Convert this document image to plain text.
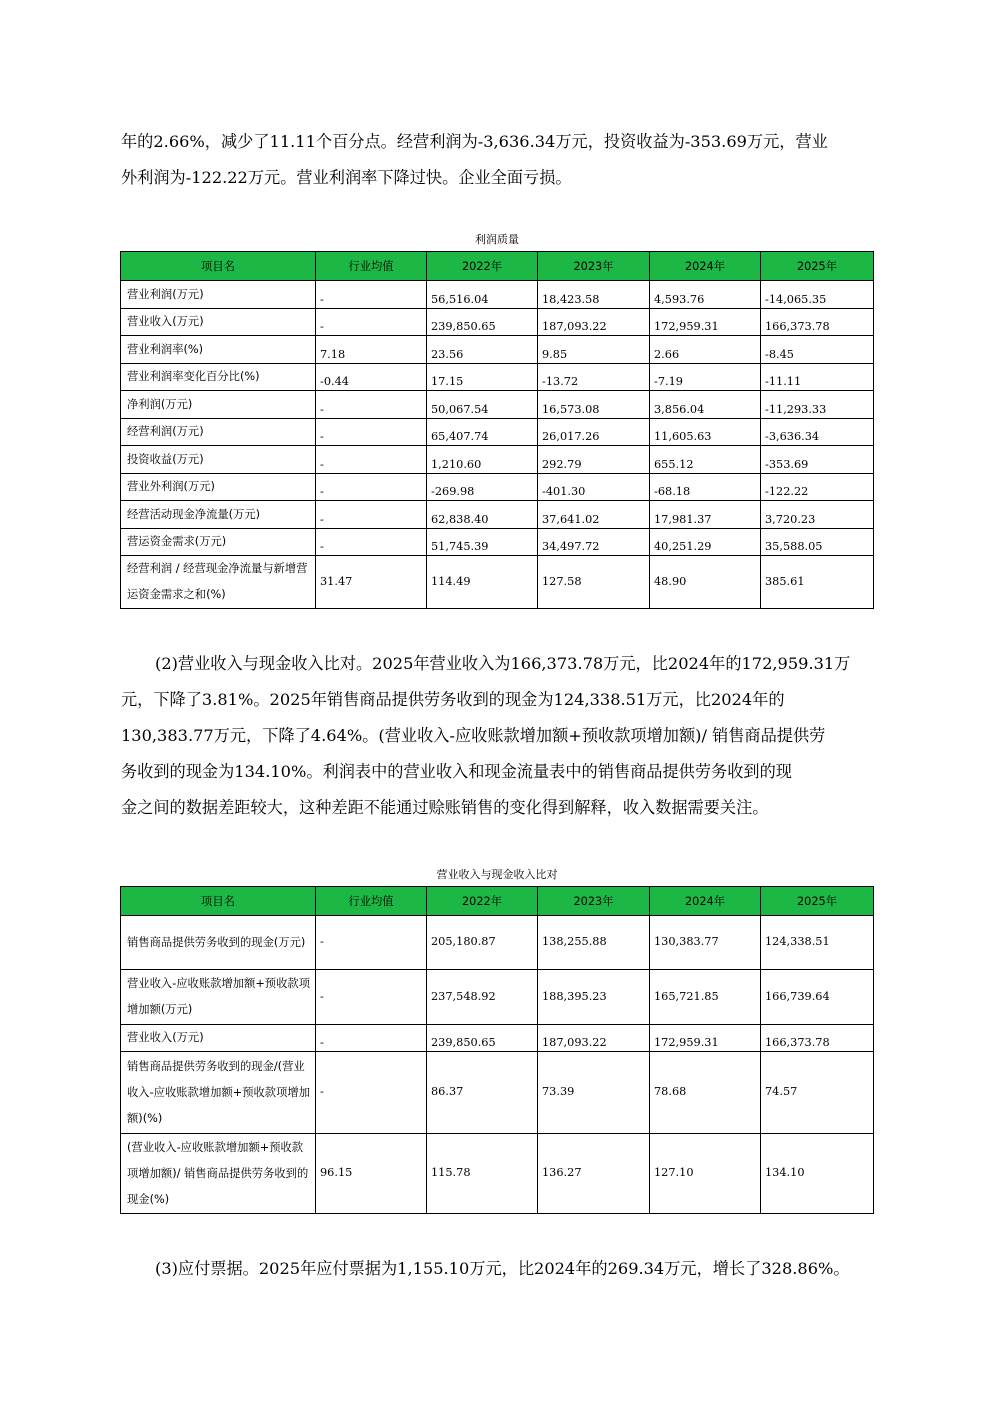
年的2.66%，减少了11.11个百分点。经营利润为-3,636.34万元，投资收益为-353.69万元，营业

外利润为-122.22万元。营业利润率下降过快。企业全面亏损。

利润质量
项目名	行业均值	2022年	2023年	2024年	2025年
营业利润(万元)	-	56,516.04	18,423.58	4,593.76	-14,065.35
营业收入(万元)	-	239,850.65	187,093.22	172,959.31	166,373.78
营业利润率(%)	7.18	23.56	9.85	2.66	-8.45
营业利润率变化百分比(%)	-0.44	17.15	-13.72	-7.19	-11.11
净利润(万元)	-	50,067.54	16,573.08	3,856.04	-11,293.33
经营利润(万元)	-	65,407.74	26,017.26	11,605.63	-3,636.34
投资收益(万元)	-	1,210.60	292.79	655.12	-353.69
营业外利润(万元)	-	-269.98	-401.30	-68.18	-122.22
经营活动现金净流量(万元)	-	62,838.40	37,641.02	17,981.37	3,720.23
营运资金需求(万元)	-	51,745.39	34,497.72	40,251.29	35,588.05
经营利润 / 经营现金净流量与新增营运资金需求之和(%)	31.47	114.49	127.58	48.90	385.61

(2)营业收入与现金收入比对。2025年营业收入为166,373.78万元，比2024年的172,959.31万

元，下降了3.81%。2025年销售商品提供劳务收到的现金为124,338.51万元，比2024年的

130,383.77万元，下降了4.64%。(营业收入-应收账款增加额+预收款项增加额)/ 销售商品提供劳

务收到的现金为134.10%。利润表中的营业收入和现金流量表中的销售商品提供劳务收到的现

金之间的数据差距较大，这种差距不能通过赊账销售的变化得到解释，收入数据需要关注。

营业收入与现金收入比对
项目名	行业均值	2022年	2023年	2024年	2025年
销售商品提供劳务收到的现金(万元)	-	205,180.87	138,255.88	130,383.77	124,338.51
营业收入-应收账款增加额+预收款项增加额(万元)	-	237,548.92	188,395.23	165,721.85	166,739.64
营业收入(万元)	-	239,850.65	187,093.22	172,959.31	166,373.78
销售商品提供劳务收到的现金/(营业收入-应收账款增加额+预收款项增加额)(%)	-	86.37	73.39	78.68	74.57
(营业收入-应收账款增加额+预收款项增加额)/ 销售商品提供劳务收到的现金(%)	96.15	115.78	136.27	127.10	134.10
(3)应付票据。2025年应付票据为1,155.10万元，比2024年的269.34万元，增长了328.86%。
